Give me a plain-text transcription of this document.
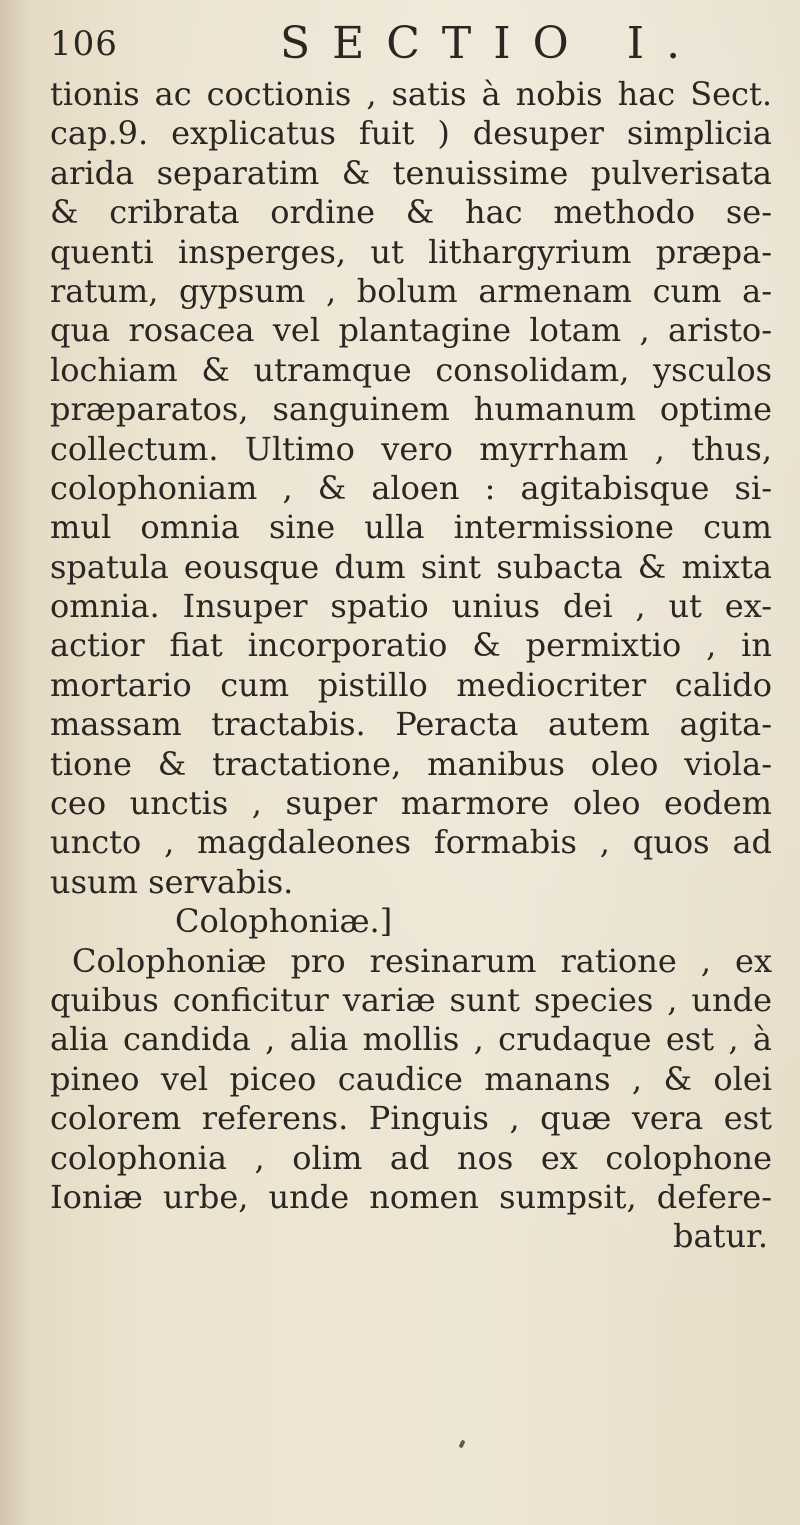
106	SECTIO I.
tionis ac coctionis , satis à nobis hac Sect.
cap.9. explicatus fuit ) desuper simplicia
arida separatim & tenuissime pulverisata
& cribrata ordine & hac methodo se-
quenti insperges, ut lithargyrium præpa-
ratum, gypsum , bolum armenam cum a-
qua rosacea vel plantagine lotam , aristo-
lochiam & utramque consolidam, ysculos
præparatos, sanguinem humanum optime
collectum. Ultimo vero myrrham , thus,
colophoniam , & aloen : agitabisque si-
mul omnia sine ulla intermissione cum
spatula eousque dum sint subacta & mixta
omnia. Insuper spatio unius dei , ut ex-
actior fiat incorporatio & permixtio , in
mortario cum pistillo mediocriter calido
massam tractabis. Peracta autem agita-
tione & tractatione, manibus oleo viola-
ceo unctis , super marmore oleo eodem
uncto , magdaleones formabis , quos ad
usum servabis.
Colophoniæ.]
Colophoniæ pro resinarum ratione , ex
quibus conficitur variæ sunt species , unde
alia candida , alia mollis , crudaque est , à
pineo vel piceo caudice manans , & olei
colorem referens. Pinguis , quæ vera est
colophonia , olim ad nos ex colophone
Ioniæ urbe, unde nomen sumpsit, defere-
batur.
